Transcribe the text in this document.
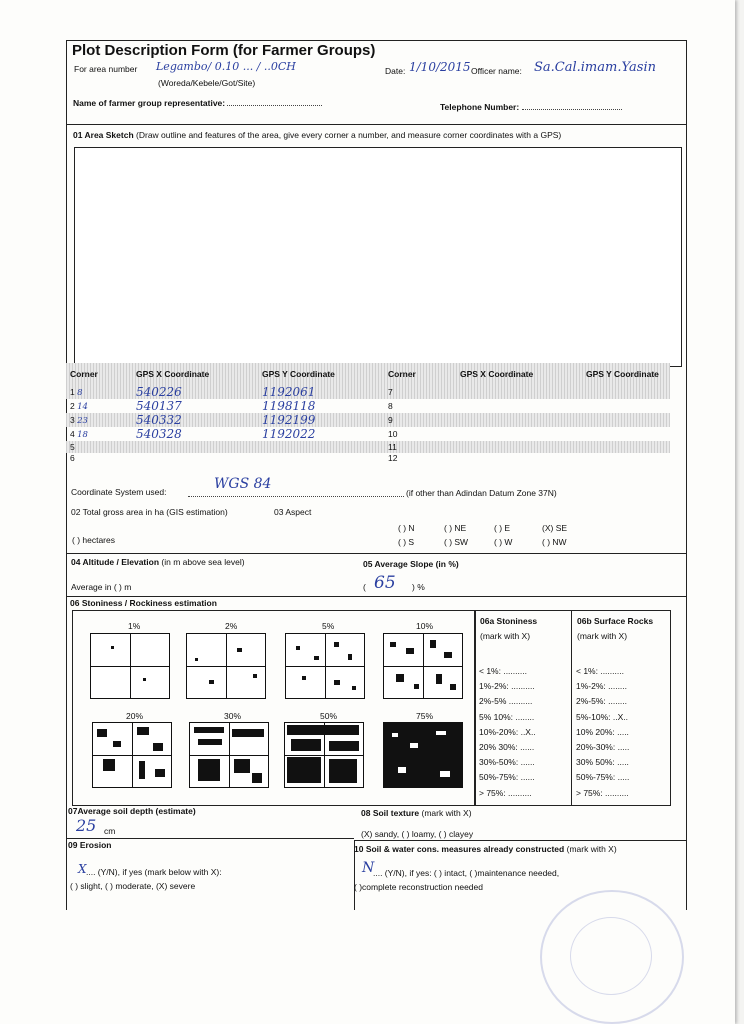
Plot Description Form (for Farmer Groups)
For area number Legambo/ 0.10 ... / ..0CH
(Woreda/Kebele/Got/Site)
Date: 1/10/2015 Officer name: Sa.Cal.imam.Yasin
Name of farmer group representative:	Telephone Number:
01 Area Sketch (Draw outline and features of the area, give every corner a number, and measure corner coordinates with a GPS)
Corner	GPS X Coordinate	GPS Y Coordinate	Corner	GPS X Coordinate	GPS Y Coordinate
1 8	540226	1192061	7		
2 14	540137	1198118	8		
3 23	540332	1192199	9		
4 18	540328	1192022	10		
5			11		
6			12		
Coordinate System used:	WGS 84
(if other than Adindan Datum Zone 37N)
02 Total gross area in ha (GIS estimation)
( ) hectares
03 Aspect
( ) N	( ) NE	( ) E	(X) SE
( ) S	( ) SW	( ) W	( ) NW
04 Altitude / Elevation (in m above sea level)
Average in ( ) m
05 Average Slope (in %)
( 65 ) %
06 Stoniness / Rockiness estimation
1%	2%	5%	10%
20%	30%	50%	75%
06a Stoniness
(mark with X)
< 1%: ..........
1%-2%: ..........
2%-5% ..........
5% 10%: ........
10%-20%: ..X..
20% 30%: ......
30%-50%: ......
50%-75%: ......
> 75%: ..........
06b Surface Rocks
(mark with X)
< 1%: ..........
1%-2%: ........
2%-5%: ........
5%-10%: ..X..
10% 20%: .....
20%-30%: .....
30% 50%: .....
50%-75%: .....
> 75%: ..........
07Average soil depth (estimate)
25 cm
08 Soil texture (mark with X)
(X) sandy, ( ) loamy, ( ) clayey
09 Erosion
X .... (Y/N), if yes (mark below with X):
( ) slight, ( ) moderate, (X) severe
10 Soil & water cons. measures already constructed (mark with X)
N
.... (Y/N), if yes: ( ) intact, ( )maintenance needed,
( )complete reconstruction needed
